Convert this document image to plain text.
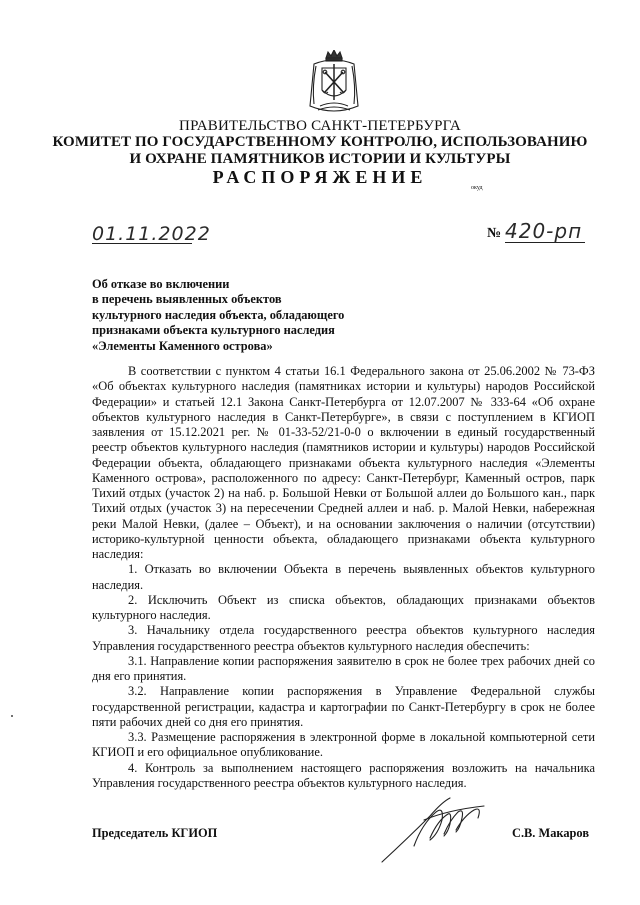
ПРАВИТЕЛЬСТВО САНКТ-ПЕТЕРБУРГА
КОМИТЕТ ПО ГОСУДАРСТВЕННОМУ КОНТРОЛЮ, ИСПОЛЬЗОВАНИЮ
И ОХРАНЕ ПАМЯТНИКОВ ИСТОРИИ И КУЛЬТУРЫ
РАСПОРЯЖЕНИЕ
окуд
01.11.2022	№ 420-рп
Об отказе во включении
в перечень выявленных объектов
культурного наследия объекта, обладающего
признаками объекта культурного наследия
«Элементы Каменного острова»

В соответствии с пунктом 4 статьи 16.1 Федерального закона от 25.06.2002 № 73-ФЗ «Об объектах культурного наследия (памятниках истории и культуры) народов Российской Федерации» и статьей 12.1 Закона Санкт-Петербурга от 12.07.2007 № 333-64 «Об охране объектов культурного наследия в Санкт-Петербурге», в связи с поступлением в КГИОП заявления от 15.12.2021 рег. № 01-33-52/21-0-0 о включении в единый государственный реестр объектов культурного наследия (памятников истории и культуры) народов Российской Федерации объекта, обладающего признаками объекта культурного наследия «Элементы Каменного острова», расположенного по адресу: Санкт-Петербург, Каменный остров, парк Тихий отдых (участок 2) на наб. р. Большой Невки от Большой аллеи до Большого кан., парк Тихий отдых (участок 3) на пересечении Средней аллеи и наб. р. Малой Невки, набережная реки Малой Невки, (далее – Объект), и на основании заключения о наличии (отсутствии) историко-культурной ценности объекта, обладающего признаками объекта культурного наследия:

1. Отказать во включении Объекта в перечень выявленных объектов культурного наследия.

2. Исключить Объект из списка объектов, обладающих признаками объектов культурного наследия.

3. Начальнику отдела государственного реестра объектов культурного наследия Управления государственного реестра объектов культурного наследия обеспечить:

3.1. Направление копии распоряжения заявителю в срок не более трех рабочих дней со дня его принятия.

3.2. Направление копии распоряжения в Управление Федеральной службы государственной регистрации, кадастра и картографии по Санкт-Петербургу в срок не более пяти рабочих дней со дня его принятия.

3.3. Размещение распоряжения в электронной форме в локальной компьютерной сети КГИОП и его официальное опубликование.

4. Контроль за выполнением настоящего распоряжения возложить на начальника Управления государственного реестра объектов культурного наследия.

Председатель КГИОП	С.В. Макаров
